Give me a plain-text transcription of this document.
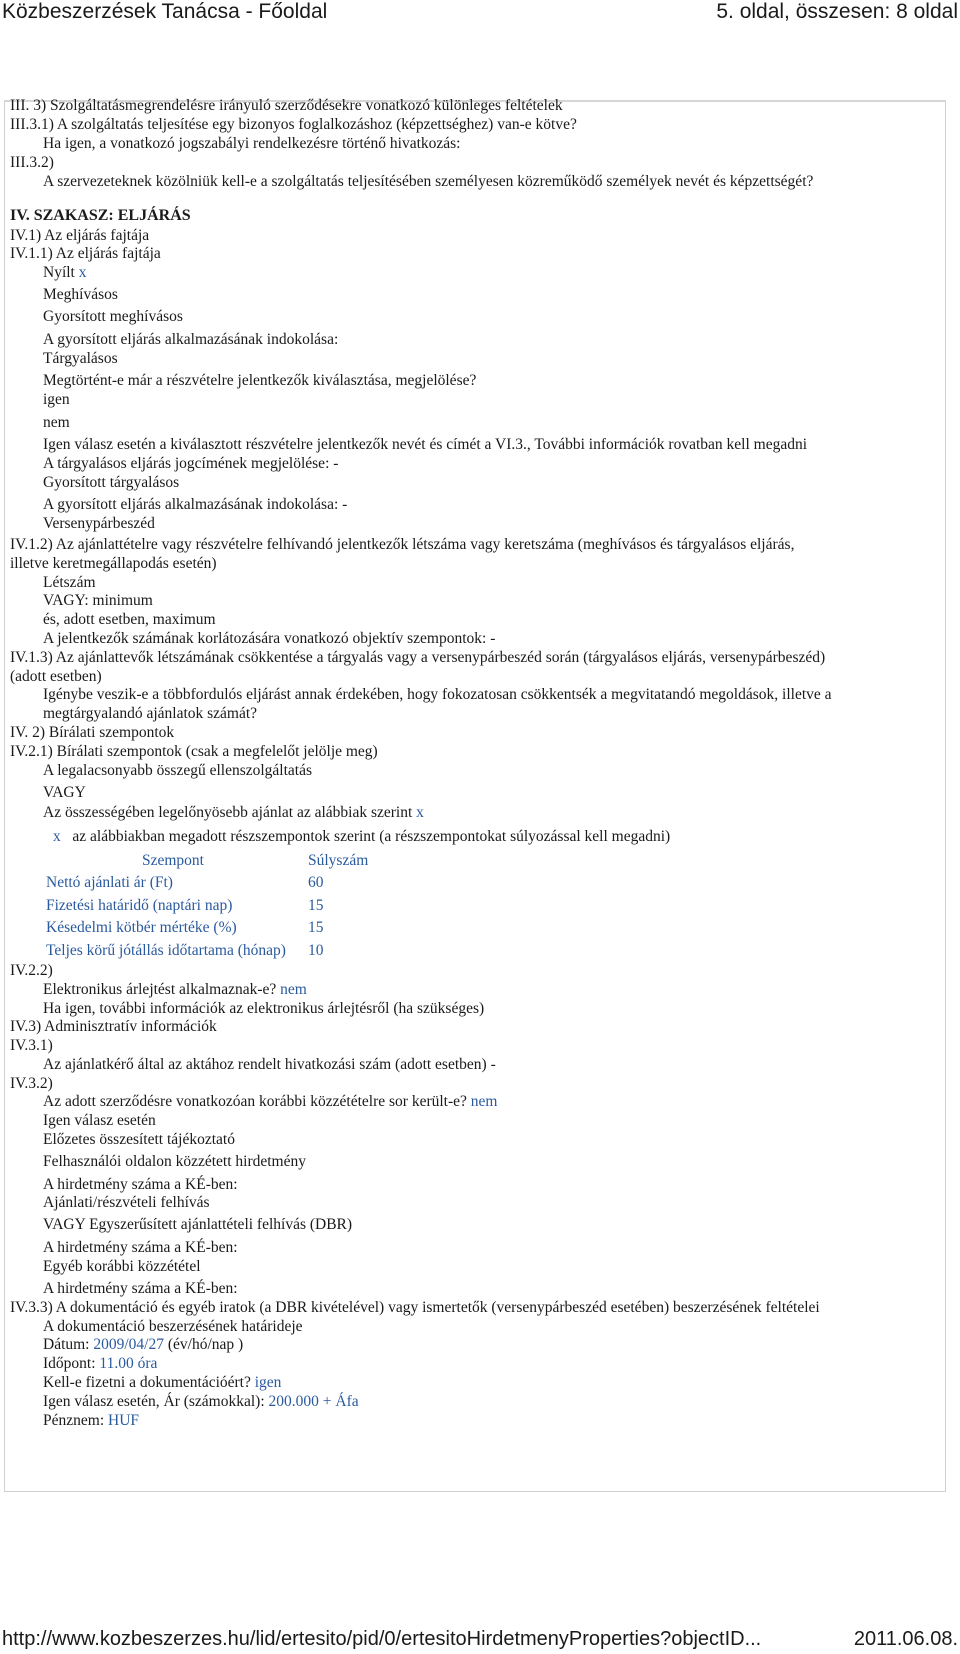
Közbeszerzések Tanácsa - Főoldal	5. oldal, összesen: 8 oldal
III. 3) Szolgáltatásmegrendelésre irányuló szerződésekre vonatkozó különleges feltételek
III.3.1) A szolgáltatás teljesítése egy bizonyos foglalkozáshoz (képzettséghez) van-e kötve?
Ha igen, a vonatkozó jogszabályi rendelkezésre történő hivatkozás:
III.3.2)
A szervezeteknek közölniük kell-e a szolgáltatás teljesítésében személyesen közreműködő személyek nevét és képzettségét?
IV. SZAKASZ: ELJÁRÁS
IV.1) Az eljárás fajtája
IV.1.1) Az eljárás fajtája
Nyílt x
Meghívásos
Gyorsított meghívásos
A gyorsított eljárás alkalmazásának indokolása:
Tárgyalásos
Megtörtént-e már a részvételre jelentkezők kiválasztása, megjelölése?
igen
nem
Igen válasz esetén a kiválasztott részvételre jelentkezők nevét és címét a VI.3., További információk rovatban kell megadni
A tárgyalásos eljárás jogcímének megjelölése: -
Gyorsított tárgyalásos
A gyorsított eljárás alkalmazásának indokolása: -
Versenypárbeszéd
IV.1.2) Az ajánlattételre vagy részvételre felhívandó jelentkezők létszáma vagy keretszáma (meghívásos és tárgyalásos eljárás,
illetve keretmegállapodás esetén)
Létszám
VAGY: minimum
és, adott esetben, maximum
A jelentkezők számának korlátozására vonatkozó objektív szempontok: -
IV.1.3) Az ajánlattevők létszámának csökkentése a tárgyalás vagy a versenypárbeszéd során (tárgyalásos eljárás, versenypárbeszéd)
(adott esetben)
Igénybe veszik-e a többfordulós eljárást annak érdekében, hogy fokozatosan csökkentsék a megvitatandó megoldások, illetve a
megtárgyalandó ajánlatok számát?
IV. 2) Bírálati szempontok
IV.2.1) Bírálati szempontok (csak a megfelelőt jelölje meg)
A legalacsonyabb összegű ellenszolgáltatás
VAGY
Az összességében legelőnyösebb ajánlat az alábbiak szerint x
x az alábbiakban megadott részszempontok szerint (a részszempontokat súlyozással kell megadni)
Szempont	Súlyszám
Nettó ajánlati ár (Ft)	60
Fizetési határidő (naptári nap)	15
Késedelmi kötbér mértéke (%)	15
Teljes körű jótállás időtartama (hónap) 10
IV.2.2)
Elektronikus árlejtést alkalmaznak-e? nem
Ha igen, további információk az elektronikus árlejtésről (ha szükséges)
IV.3) Adminisztratív információk
IV.3.1)
Az ajánlatkérő által az aktához rendelt hivatkozási szám (adott esetben) -
IV.3.2)
Az adott szerződésre vonatkozóan korábbi közzétételre sor került-e? nem
Igen válasz esetén
Előzetes összesített tájékoztató
Felhasználói oldalon közzétett hirdetmény
A hirdetmény száma a KÉ-ben:
Ajánlati/részvételi felhívás
VAGY Egyszerűsített ajánlattételi felhívás (DBR)
A hirdetmény száma a KÉ-ben:
Egyéb korábbi közzététel
A hirdetmény száma a KÉ-ben:
IV.3.3) A dokumentáció és egyéb iratok (a DBR kivételével) vagy ismertetők (versenypárbeszéd esetében) beszerzésének feltételei
A dokumentáció beszerzésének határideje
Dátum: 2009/04/27 (év/hó/nap )
Időpont: 11.00 óra
Kell-e fizetni a dokumentációért? igen
Igen válasz esetén, Ár (számokkal): 200.000 + Áfa
Pénznem: HUF
http://www.kozbeszerzes.hu/lid/ertesito/pid/0/ertesitoHirdetmenyProperties?objectID...	2011.06.08.
